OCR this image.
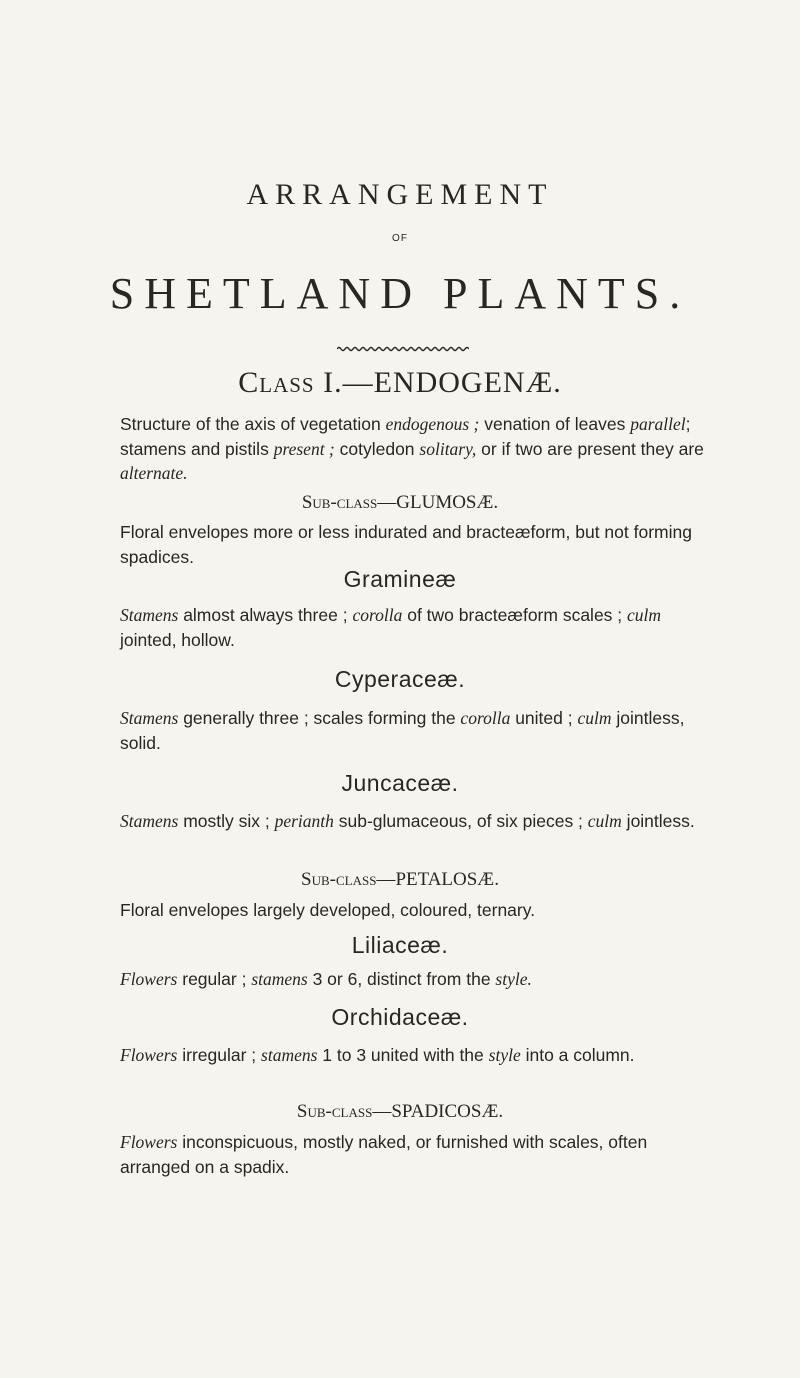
ARRANGEMENT
OF
SHETLAND PLANTS.
Class I.—ENDOGENÆ.
Structure of the axis of vegetation endogenous ; venation of leaves parallel; stamens and pistils present ; cotyledon solitary, or if two are present they are alternate.
Sub-class—GLUMOSÆ.
Floral envelopes more or less indurated and bracteæform, but not forming spadices.
Gramineæ
Stamens almost always three ; corolla of two bracteæform scales ; culm jointed, hollow.
Cyperaceæ.
Stamens generally three ; scales forming the corolla united ; culm jointless, solid.
Juncaceæ.
Stamens mostly six ; perianth sub-glumaceous, of six pieces ; culm jointless.
Sub-class—PETALOSÆ.
Floral envelopes largely developed, coloured, ternary.
Liliaceæ.
Flowers regular ; stamens 3 or 6, distinct from the style.
Orchidaceæ.
Flowers irregular ; stamens 1 to 3 united with the style into a column.
Sub-class—SPADICOSÆ.
Flowers inconspicuous, mostly naked, or furnished with scales, often arranged on a spadix.
